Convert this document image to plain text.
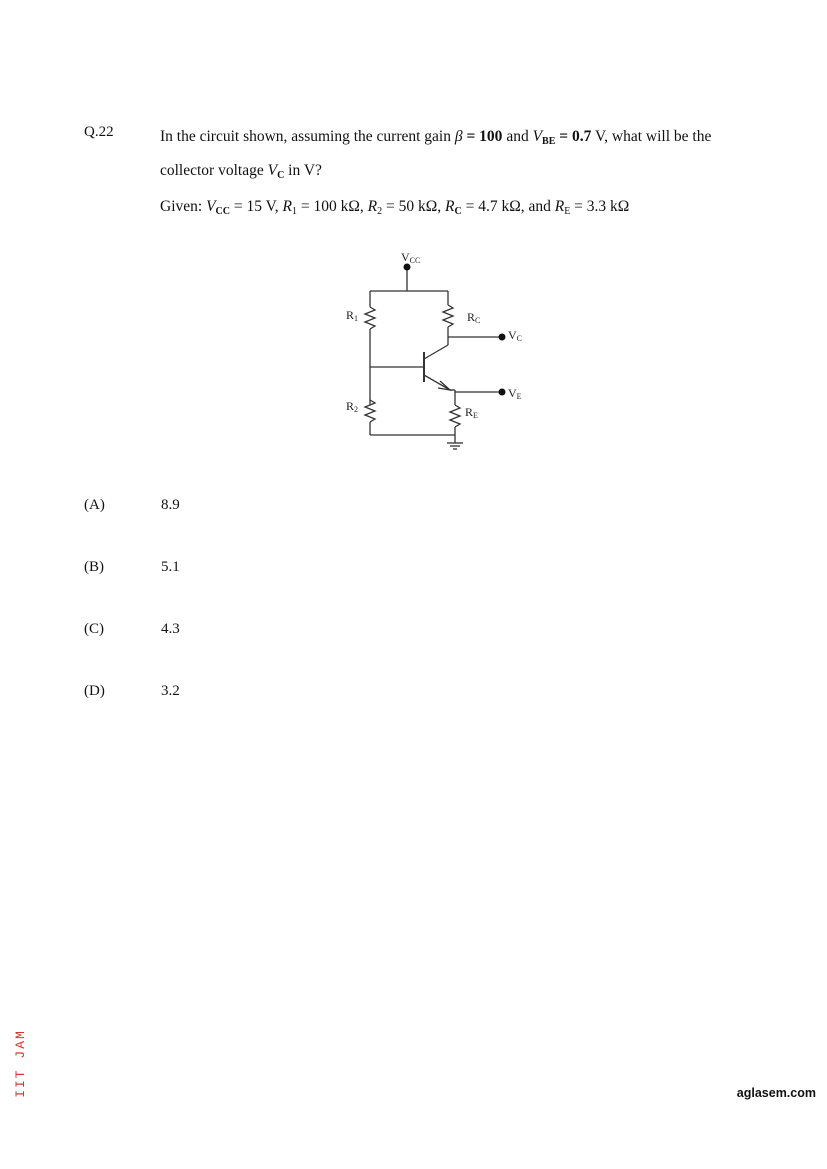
Q.22	In the circuit shown, assuming the current gain β = 100 and $V_{BE} = 0.7$ V, what will be the collector voltage $V_C$ in V?
Given: $V_{CC} = 15$ V, R1 = 100 kΩ, R2 = 50 kΩ, $R_C = 4.7$ kΩ, and RE = 3.3 kΩ
VCC
R1
R2
RC
RE
VC
VE
(A)	8.9
(B)	5.1
(C)	4.3
(D)	3.2
IIT JAM	aglasem.com
